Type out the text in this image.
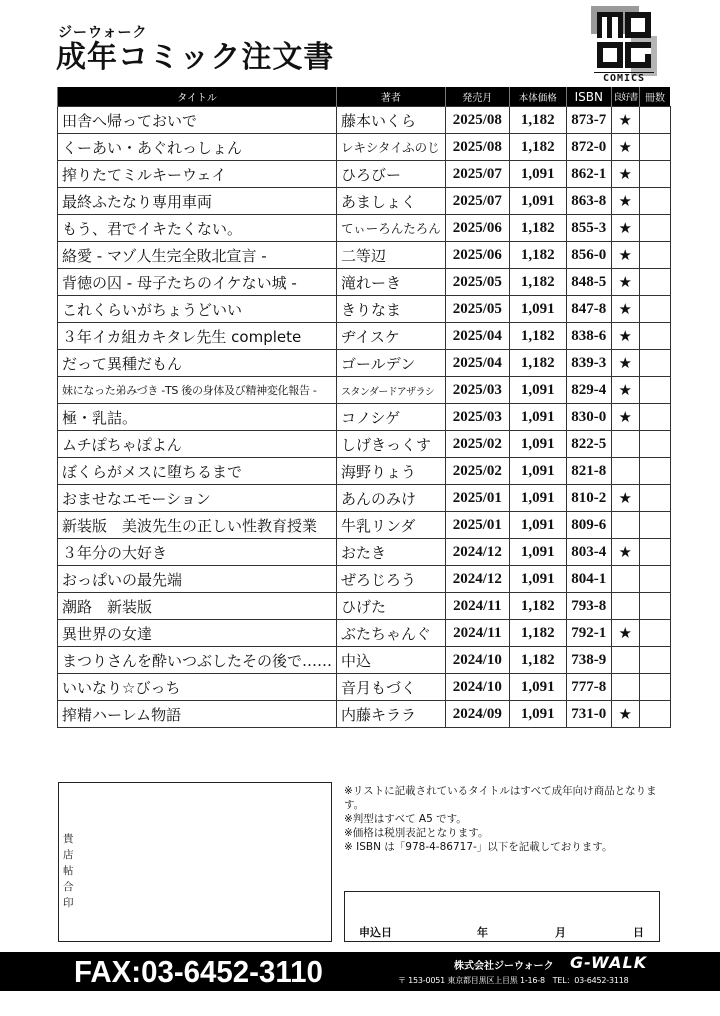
ジーウォーク
成年コミック注文書
COMICS
タイトル	著者	発売月	本体価格	ISBN	良好書	冊数
田舎へ帰っておいで	藤本いくら	2025/08	1,182	873-7	★	
くーあい・あぐれっしょん	レキシタイふのじ	2025/08	1,182	872-0	★	
搾りたてミルキーウェイ	ひろびー	2025/07	1,091	862-1	★	
最終ふたなり専用車両	あましょく	2025/07	1,091	863-8	★	
もう、君でイキたくない。	てぃーろんたろん	2025/06	1,182	855-3	★	
絡愛 - マゾ人生完全敗北宣言 -	二等辺	2025/06	1,182	856-0	★	
背徳の囚 - 母子たちのイケない城 -	滝れーき	2025/05	1,182	848-5	★	
これくらいがちょうどいい	きりなま	2025/05	1,091	847-8	★	
３年イカ組カキタレ先生 complete	ヂイスケ	2025/04	1,182	838-6	★	
だって異種だもん	ゴールデン	2025/04	1,182	839-3	★	
妹になった弟みづき -TS 後の身体及び精神変化報告 -	スタンダードアザラシ	2025/03	1,091	829-4	★	
極・乳詰。	コノシゲ	2025/03	1,091	830-0	★	
ムチぽちゃぽよん	しげきっくす	2025/02	1,091	822-5		
ぼくらがメスに堕ちるまで	海野りょう	2025/02	1,091	821-8		
おませなエモーション	あんのみけ	2025/01	1,091	810-2	★	
新装版　美波先生の正しい性教育授業	牛乳リンダ	2025/01	1,091	809-6		
３年分の大好き	おたき	2024/12	1,091	803-4	★	
おっぱいの最先端	ぜろじろう	2024/12	1,091	804-1		
潮路　新装版	ひげた	2024/11	1,182	793-8		
異世界の女達	ぶたちゃんぐ	2024/11	1,182	792-1	★	
まつりさんを酔いつぶしたその後で……	中込	2024/10	1,182	738-9		
いいなり☆びっち	音月もづく	2024/10	1,091	777-8		
搾精ハーレム物語	内藤キララ	2024/09	1,091	731-0	★	
貴店帖合印
※リストに記載されているタイトルはすべて成年向け商品となります。
※判型はすべて A5 です。
※価格は税別表記となります。
※ ISBN は「978-4-86717-」以下を記載しております。
申込日	年	月	日
FAX:03-6452-3110	株式会社ジーウォーク G-WALK
〒 153-0051 東京都目黒区上目黒 1-16-8　TEL：03-6452-3118
